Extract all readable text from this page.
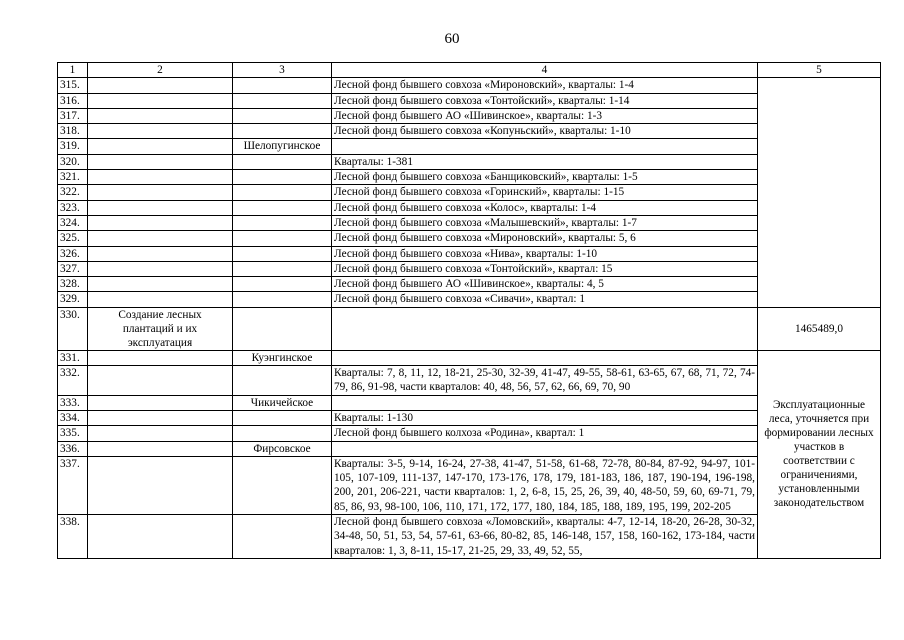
60
1	2	3	4	5
315.			Лесной фонд бывшего совхоза «Мироновский», кварталы: 1-4	
316.			Лесной фонд бывшего совхоза «Тонтойский», кварталы: 1-14	
317.			Лесной фонд бывшего АО «Шивинское», кварталы: 1-3	
318.			Лесной фонд бывшего совхоза «Копуньский», кварталы: 1-10	
319.		Шелопугинское		
320.			Кварталы: 1-381	
321.			Лесной фонд бывшего совхоза «Банщиковский», кварталы: 1-5	
322.			Лесной фонд бывшего совхоза «Горинский», кварталы: 1-15	
323.			Лесной фонд бывшего совхоза «Колос», кварталы: 1-4	
324.			Лесной фонд бывшего совхоза «Малышевский», кварталы: 1-7	
325.			Лесной фонд бывшего совхоза «Мироновский», кварталы: 5, 6	
326.			Лесной фонд бывшего совхоза «Нива», кварталы: 1-10	
327.			Лесной фонд бывшего совхоза «Тонтойский», квартал: 15	
328.			Лесной фонд бывшего АО «Шивинское», кварталы: 4, 5	
329.			Лесной фонд бывшего совхоза «Сивачи», квартал: 1	
330.	Создание лесных плантаций и их эксплуатация			1465489,0
331.		Куэнгинское		Эксплуатационные леса, уточняется при формировании лесных участков в соответствии с ограничениями, установленными законодательством
332.			Кварталы: 7, 8, 11, 12, 18-21, 25-30, 32-39, 41-47, 49-55, 58-61, 63-65, 67, 68, 71, 72, 74-79, 86, 91-98, части кварталов: 40, 48, 56, 57, 62, 66, 69, 70, 90	
333.		Чикичейское		
334.			Кварталы: 1-130	
335.			Лесной фонд бывшего колхоза «Родина», квартал: 1	
336.		Фирсовское		
337.			Кварталы: 3-5, 9-14, 16-24, 27-38, 41-47, 51-58, 61-68, 72-78, 80-84, 87-92, 94-97, 101-105, 107-109, 111-137, 147-170, 173-176, 178, 179, 181-183, 186, 187, 190-194, 196-198, 200, 201, 206-221, части кварталов: 1, 2, 6-8, 15, 25, 26, 39, 40, 48-50, 59, 60, 69-71, 79, 85, 86, 93, 98-100, 106, 110, 171, 172, 177, 180, 184, 185, 188, 189, 195, 199, 202-205	
338.			Лесной фонд бывшего совхоза «Ломовский», кварталы: 4-7, 12-14, 18-20, 26-28, 30-32, 34-48, 50, 51, 53, 54, 57-61, 63-66, 80-82, 85, 146-148, 157, 158, 160-162, 173-184, части кварталов: 1, 3, 8-11, 15-17, 21-25, 29, 33, 49, 52, 55,	
